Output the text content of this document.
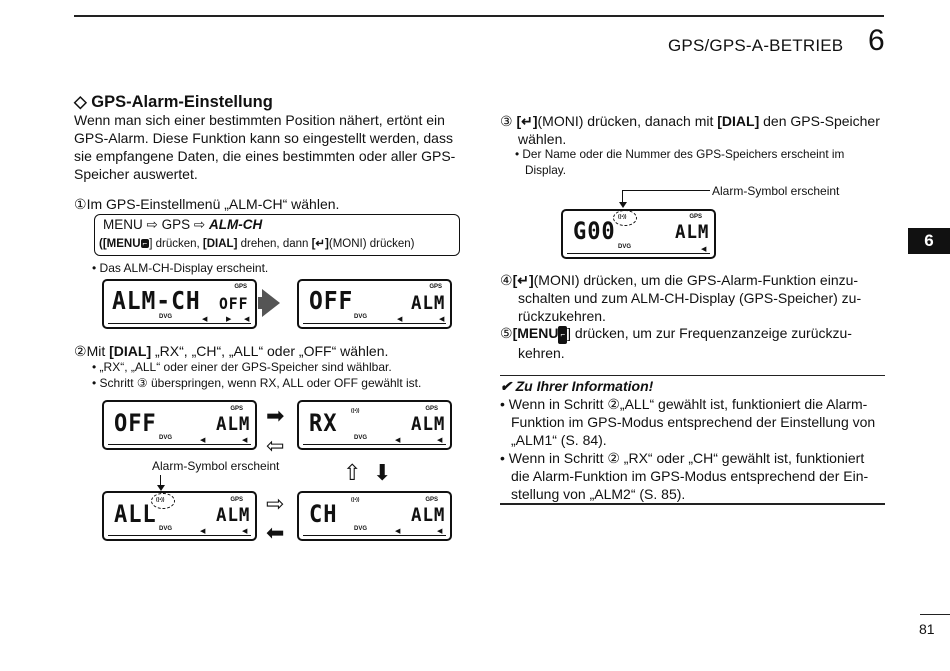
GPS/GPS-A-BETRIEB 6
6
81
◇ GPS-Alarm-Einstellung
Wenn man sich einer bestimmten Position nähert, ertönt ein
GPS-Alarm. Diese Funktion kann so eingestellt werden, dass
sie empfangene Daten, die eines bestimmten oder aller GPS-
Speicher auswertet.
①Im GPS-Einstellmenü „ALM-CH“ wählen.
MENU ⇨ GPS ⇨ ALM-CH
([MENU ⌐ ] drücken, [DIAL] drehen, dann [↵](MONI) drücken)
• Das ALM-CH-Display erscheint.
GPS
ALM-CH OFF
DVG	◀	▶ ◀
GPS
OFF	ALM
DVG	◀	◀
②Mit [DIAL] „RX“, „CH“, „ALL“ oder „OFF“ wählen.
• „RX“, „ALL“ oder einer der GPS-Speicher sind wählbar.
• Schritt ③ überspringen, wenn RX, ALL oder OFF gewählt ist.
GPS
OFF	ALM
DVG	◀	◀
➡
⇦
((•))	GPS
RX	ALM
DVG	◀	◀
Alarm-Symbol erscheint	⇧ ⬇
((•))	GPS
ALL	ALM
DVG	◀	◀
⇨
⬅
((•))	GPS
CH	ALM
DVG	◀	◀
③ [↵](MONI) drücken, danach mit [DIAL] den GPS-Speicher
wählen.
• Der Name oder die Nummer des GPS-Speichers erscheint im
Display.
Alarm-Symbol erscheint
((•))	GPS
G00	ALM
DVG	◀
④[↵](MONI) drücken, um die GPS-Alarm-Funktion einzu-
schalten und zum ALM-CH-Display (GPS-Speicher) zu-
rückzukehren.
⑤[MENU ⌐ ] drücken, um zur Frequenzanzeige zurückzu-
kehren.
✔ Zu Ihrer Information!
• Wenn in Schritt ②„ALL“ gewählt ist, funktioniert die Alarm-
Funktion im GPS-Modus entsprechend der Einstellung von
„ALM1“ (S. 84).
• Wenn in Schritt ② „RX“ oder „CH“ gewählt ist, funktioniert
die Alarm-Funktion im GPS-Modus entsprechend der Ein-
stellung von „ALM2“ (S. 85).
